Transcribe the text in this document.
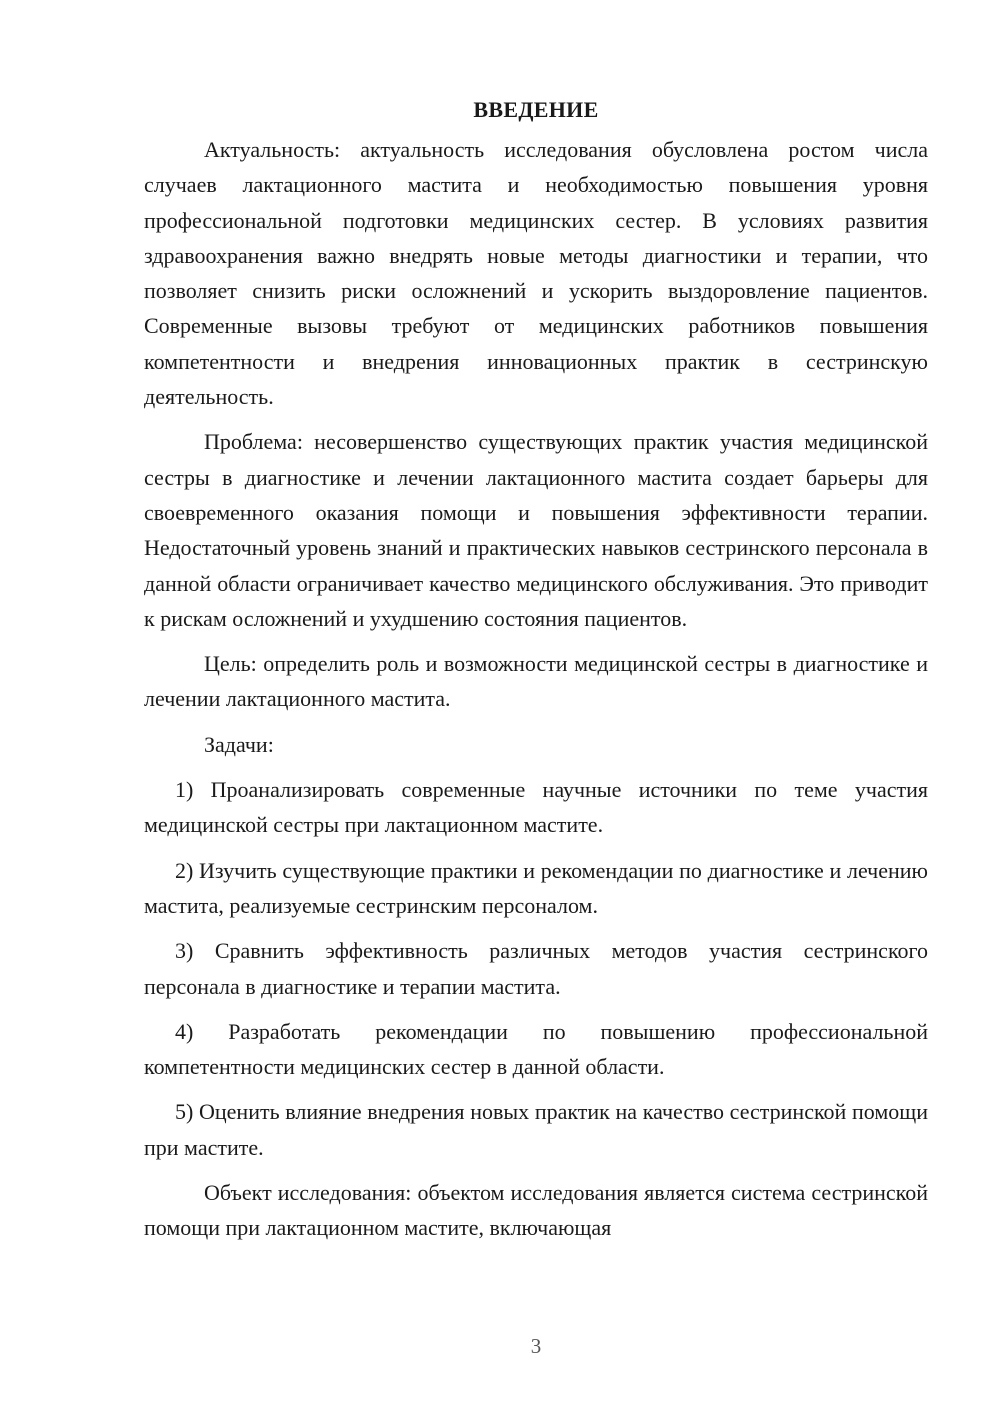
ВВЕДЕНИЕ

Актуальность: актуальность исследования обусловлена ростом числа случаев лактационного мастита и необходимостью повышения уровня профессиональной подготовки медицинских сестер. В условиях развития здравоохранения важно внедрять новые методы диагностики и терапии, что позволяет снизить риски осложнений и ускорить выздоровление пациентов. Современные вызовы требуют от медицинских работников повышения компетентности и внедрения инновационных практик в сестринскую деятельность.

Проблема: несовершенство существующих практик участия медицинской сестры в диагностике и лечении лактационного мастита создает барьеры для своевременного оказания помощи и повышения эффективности терапии. Недостаточный уровень знаний и практических навыков сестринского персонала в данной области ограничивает качество медицинского обслуживания. Это приводит к рискам осложнений и ухудшению состояния пациентов.

Цель: определить роль и возможности медицинской сестры в диагностике и лечении лактационного мастита.

Задачи:

1) Проанализировать современные научные источники по теме участия медицинской сестры при лактационном мастите.

2) Изучить существующие практики и рекомендации по диагностике и лечению мастита, реализуемые сестринским персоналом.

3) Сравнить эффективность различных методов участия сестринского персонала в диагностике и терапии мастита.

4) Разработать рекомендации по повышению профессиональной компетентности медицинских сестер в данной области.

5) Оценить влияние внедрения новых практик на качество сестринской помощи при мастите.

Объект исследования: объектом исследования является система сестринской помощи при лактационном мастите, включающая

3
